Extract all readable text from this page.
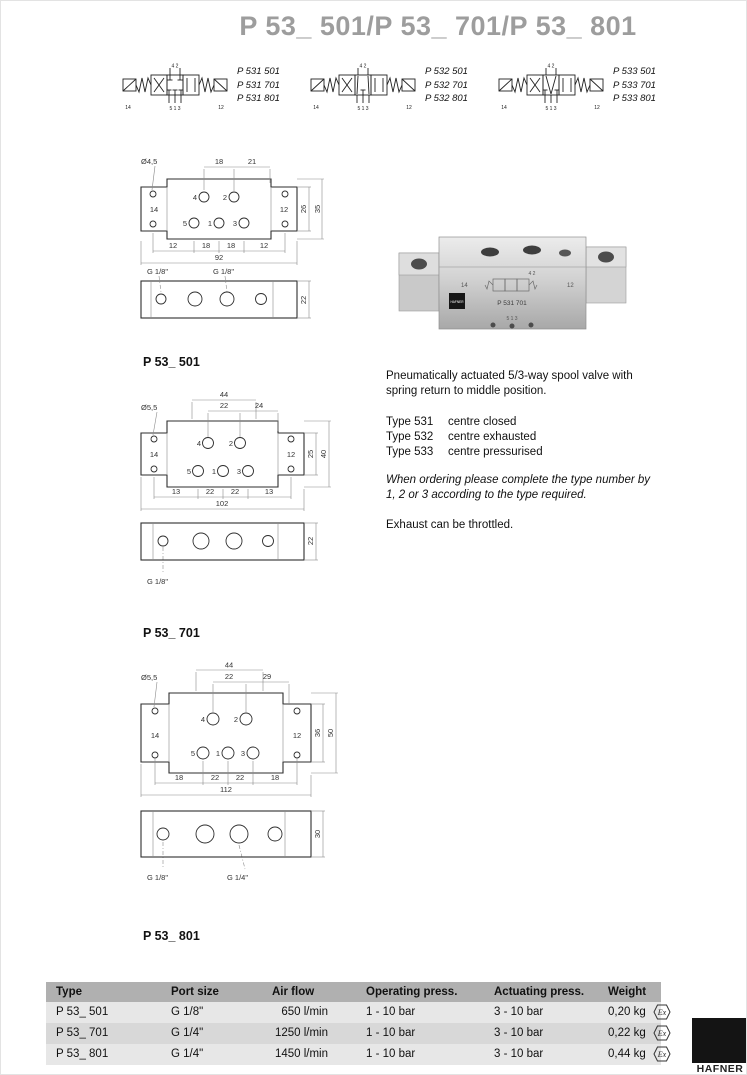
P 53_ 501/P 53_ 701/P 53_ 801
4 2
5 1 3
14	12
P 531 501
P 531 701
P 531 801
4 2
5 1 3
14	12
P 532 501
P 532 701
P 532 801
4 2
5 1 3
14	12
P 533 501
P 533 701
P 533 801
Ø4,5	18	21
4	2
14	12
5	1	3
12	18 18	12
92
26 35
G 1/8"	G 1/8"
22
P 53_ 501
44
Ø5,5	22	24
4	2
14	12
5	1	3
13	22 22	13
102
25 40
22
G 1/8"
P 53_ 701
44
Ø5,5	22	29
4	2
14	12
5	1	3
18	22 22	18
112
36 50
30
G 1/8"	G 1/4"
P 53_ 801
HAFNER	P 531 701
14	12
4 2
5 1 3

Pneumatically actuated 5/3-way spool valve with spring return to middle position.

Type 531	centre closed
Type 532	centre exhausted
Type 533	centre pressurised

When ordering please complete the type number by 1, 2 or 3 according to the type required.

Exhaust can be throttled.

Type	Port size	Air flow	Operating press.	Actuating press.	Weight
P 53_ 501	G 1/8"	650 l/min	1 - 10 bar	3 - 10 bar	0,20 kg
P 53_ 701	G 1/4"	1250 l/min	1 - 10 bar	3 - 10 bar	0,22 kg
P 53_ 801	G 1/4"	1450 l/min	1 - 10 bar	3 - 10 bar	0,44 kg
Ex
Ex
Ex
HAFNER
